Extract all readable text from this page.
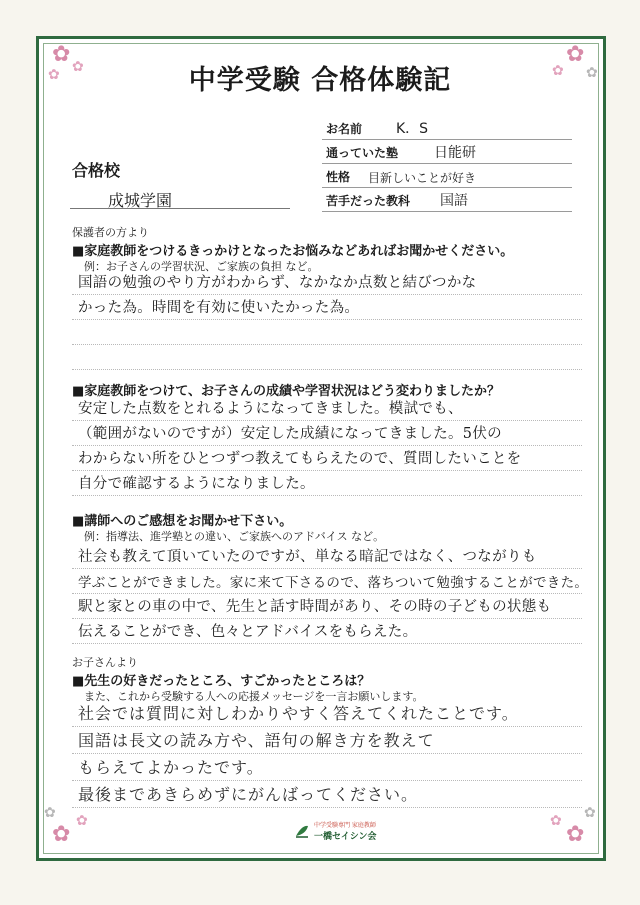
✿ ✿
✿
✿
✿ ✿
✿
✿
✿
✿
✿ ✿
中学受験 合格体験記
お名前 K．S
通っていた塾	日能研
性格 目新しいことが好き
苦手だった教科 国語
合格校
成城学園
保護者の方より
■家庭教師をつけるきっかけとなったお悩みなどあればお聞かせください。
例：お子さんの学習状況、ご家族の負担 など。
国語の勉強のやり方がわからず、なかなか点数と結びつかな
かった為。時間を有効に使いたかった為。
■家庭教師をつけて、お子さんの成績や学習状況はどう変わりましたか？
安定した点数をとれるようになってきました。模試でも、
（範囲がないのですが）安定した成績になってきました。5伏の
わからない所をひとつずつ教えてもらえたので、質問したいことを
自分で確認するようになりました。
■講師へのご感想をお聞かせ下さい。
例：指導法、進学塾との違い、ご家族へのアドバイス など。
社会も教えて頂いていたのですが、単なる暗記ではなく、つながりも
学ぶことができました。家に来て下さるので、落ちついて勉強することができた。
駅と家との車の中で、先生と話す時間があり、その時の子どもの状態も
伝えることができ、色々とアドバイスをもらえた。
お子さんより
■先生の好きだったところ、すごかったところは？
また、これから受験する人への応援メッセージを一言お願いします。
社会では質問に対しわかりやすく答えてくれたことです。
国語は長文の読み方や、語句の解き方を教えて
もらえてよかったです。
最後まであきらめずにがんばってください。
中学受験専門 家庭教師
一橋セイシン会
